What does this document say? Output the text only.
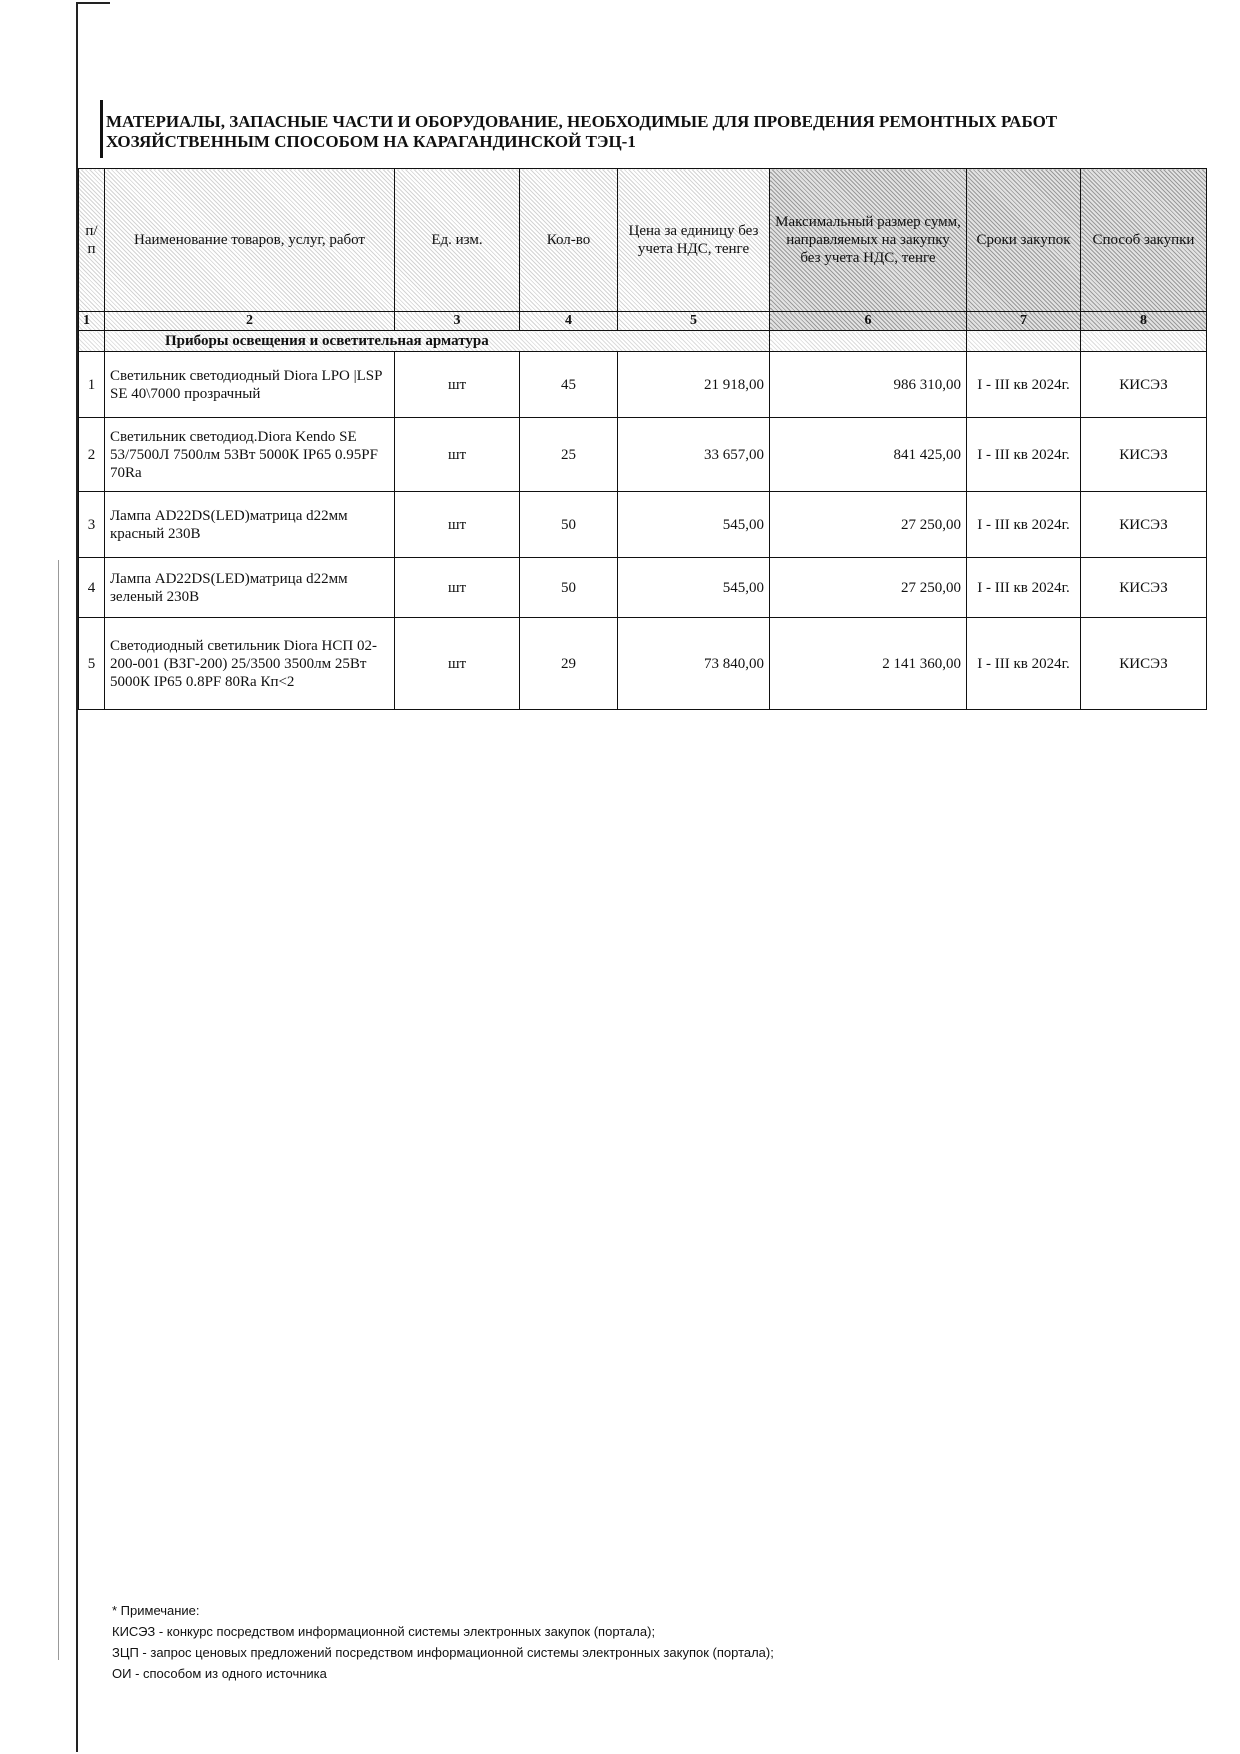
МАТЕРИАЛЫ, ЗАПАСНЫЕ ЧАСТИ И ОБОРУДОВАНИЕ, НЕОБХОДИМЫЕ ДЛЯ ПРОВЕДЕНИЯ РЕМОНТНЫХ РАБОТ ХОЗЯЙСТВЕННЫМ СПОСОБОМ НА КАРАГАНДИНСКОЙ ТЭЦ-1
п/п	Наименование товаров, услуг, работ	Ед. изм.	Кол-во	Цена за единицу без учета НДС, тенге	Максимальный размер сумм, направляемых на закупку без учета НДС, тенге	Сроки закупок	Способ закупки
1	2	3	4	5	6	7	8
	Приборы освещения и осветительная арматура						
1	Светильник светодиодный Diora LPO |LSP SE 40\7000 прозрачный	шт	45	21 918,00	986 310,00	I - III кв 2024г.	КИСЭЗ
2	Светильник светодиод.Diora Kendo SE 53/7500Л 7500лм 53Вт 5000К IP65 0.95PF 70Ra	шт	25	33 657,00	841 425,00	I - III кв 2024г.	КИСЭЗ
3	Лампа AD22DS(LED)матрица d22мм красный 230В	шт	50	545,00	27 250,00	I - III кв 2024г.	КИСЭЗ
4	Лампа AD22DS(LED)матрица d22мм зеленый 230В	шт	50	545,00	27 250,00	I - III кв 2024г.	КИСЭЗ
5	Светодиодный светильник Diora НСП 02-200-001 (ВЗГ-200) 25/3500 3500лм 25Вт 5000К IP65 0.8PF 80Ra Кп<2	шт	29	73 840,00	2 141 360,00	I - III кв 2024г.	КИСЭЗ
* Примечание:
КИСЭЗ - конкурс посредством информационной системы электронных закупок (портала);
ЗЦП - запрос ценовых предложений посредством информационной системы электронных закупок (портала);
ОИ - способом из одного источника
